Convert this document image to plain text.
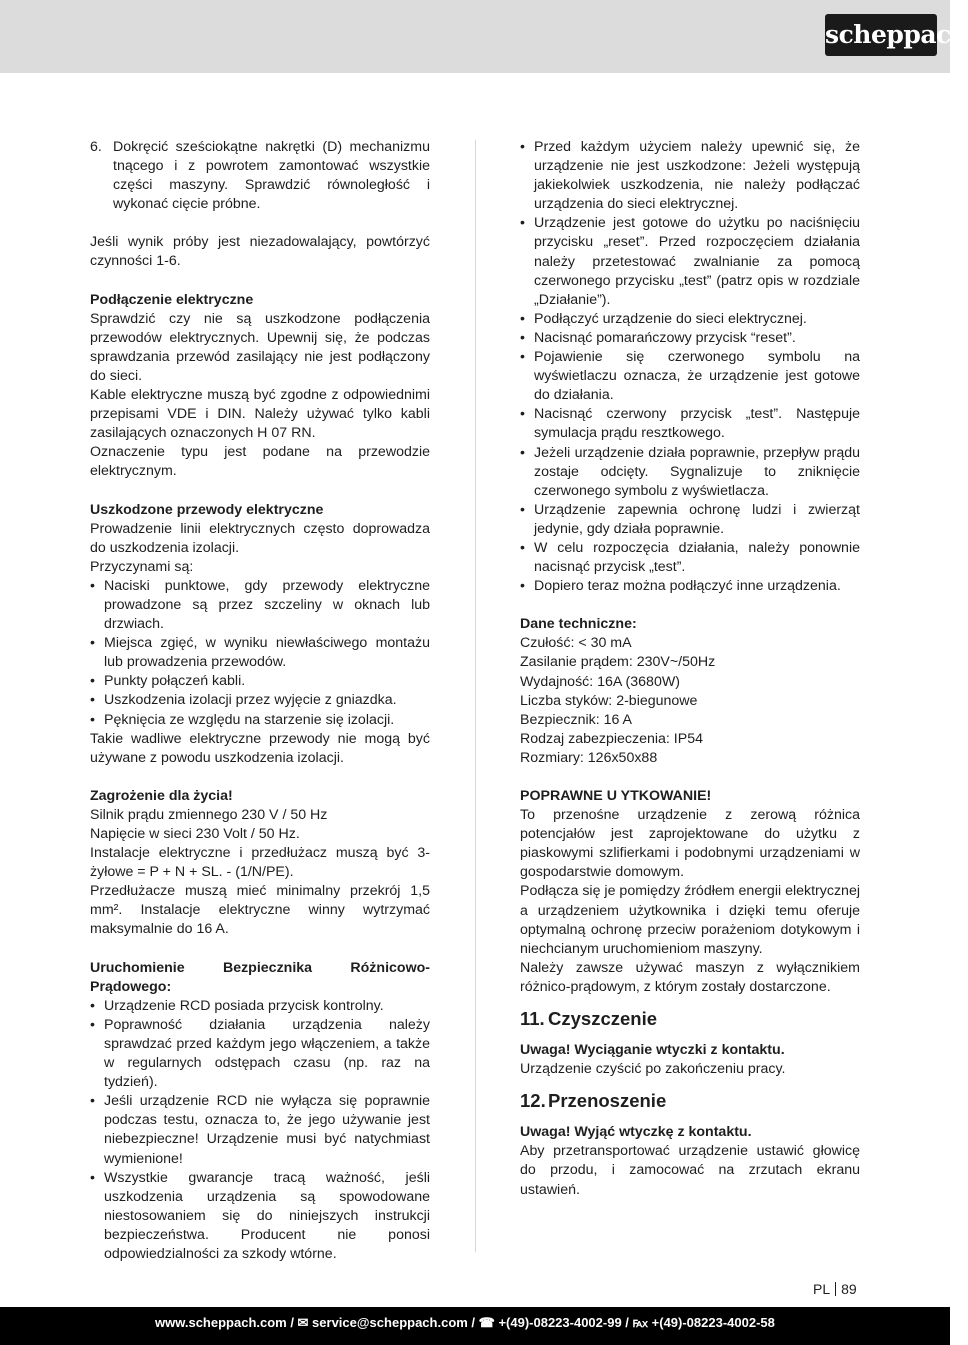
scheppach
6. Dokręcić sześciokątne nakrętki (D) mechanizmu tnącego i z powrotem zamontować wszystkie części maszyny. Sprawdzić równoległość i wykonać cięcie próbne.

Jeśli wynik próby jest niezadowalający, powtórzyć czynności 1-6.

Podłączenie elektryczne

Sprawdzić czy nie są uszkodzone podłączenia przewodów elektrycznych. Upewnij się, że podczas sprawdzania przewód zasilający nie jest podłączony do sieci.

Kable elektryczne muszą być zgodne z odpowiednimi przepisami VDE i DIN. Należy używać tylko kabli zasilających oznaczonych H 07 RN.

Oznaczenie typu jest podane na przewodzie elektrycznym.

Uszkodzone przewody elektryczne

Prowadzenie linii elektrycznych często doprowadza do uszkodzenia izolacji.

Przyczynami są:

• Naciski punktowe, gdy przewody elektryczne prowadzone są przez szczeliny w oknach lub drzwiach.
• Miejsca zgięć, w wyniku niewłaściwego montażu lub prowadzenia przewodów.
• Punkty połączeń kabli.
• Uszkodzenia izolacji przez wyjęcie z gniazdka.
• Pęknięcia ze względu na starzenie się izolacji.

Takie wadliwe elektryczne przewody nie mogą być używane z powodu uszkodzenia izolacji.

Zagrożenie dla życia!

Silnik prądu zmiennego 230 V / 50 Hz

Napięcie w sieci 230 Volt / 50 Hz.

Instalacje elektryczne i przedłużacz muszą być 3-żyłowe = P + N + SL. - (1/N/PE).

Przedłużacze muszą mieć minimalny przekrój 1,5 mm². Instalacje elektryczne winny wytrzymać maksymalnie do 16 A.

Uruchomienie Bezpiecznika Różnicowo-Prądowego:

• Urządzenie RCD posiada przycisk kontrolny.
• Poprawność działania urządzenia należy sprawdzać przed każdym jego włączeniem, a także w regularnych odstępach czasu (np. raz na tydzień).
• Jeśli urządzenie RCD nie wyłącza się poprawnie podczas testu, oznacza to, że jego używanie jest niebezpieczne! Urządzenie musi być natychmiast wymienione!
• Wszystkie gwarancje tracą ważność, jeśli uszkodzenia urządzenia są spowodowane niestosowaniem się do niniejszych instrukcji bezpieczeństwa. Producent nie ponosi odpowiedzialności za szkody wtórne.
• Przed każdym użyciem należy upewnić się, że urządzenie nie jest uszkodzone: Jeżeli występują jakiekolwiek uszkodzenia, nie należy podłączać urządzenia do sieci elektrycznej.
• Urządzenie jest gotowe do użytku po naciśnięciu przycisku „reset”. Przed rozpoczęciem działania należy przetestować zwalnianie za pomocą czerwonego przycisku „test” (patrz opis w rozdziale „Działanie”).
• Podłączyć urządzenie do sieci elektrycznej.
• Nacisnąć pomarańczowy przycisk “reset”.
• Pojawienie się czerwonego symbolu na wyświetlaczu oznacza, że urządzenie jest gotowe do działania.
• Nacisnąć czerwony przycisk „test”. Następuje symulacja prądu resztkowego.
• Jeżeli urządzenie działa poprawnie, przepływ prądu zostaje odcięty. Sygnalizuje to zniknięcie czerwonego symbolu z wyświetlacza.
• Urządzenie zapewnia ochronę ludzi i zwierząt jedynie, gdy działa poprawnie.
• W celu rozpoczęcia działania, należy ponownie nacisnąć przycisk „test”.
• Dopiero teraz można podłączyć inne urządzenia.

Dane techniczne:

Czułość: < 30 mA

Zasilanie prądem: 230V~/50Hz

Wydajność: 16A (3680W)

Liczba styków: 2-biegunowe

Bezpiecznik: 16 A

Rodzaj zabezpieczenia: IP54

Rozmiary: 126x50x88

POPRAWNE U YTKOWANIE!

To przenośne urządzenie z zerową różnica potencjałów jest zaprojektowane do użytku z piaskowymi szlifierkami i podobnymi urządzeniami w gospodarstwie domowym.

Podłącza się je pomiędzy źródłem energii elektrycznej a urządzeniem użytkownika i dzięki temu oferuje optymalną ochronę przeciw porażeniom dotykowym i niechcianym uruchomieniom maszyny.

Należy zawsze używać maszyn z wyłącznikiem różnico-prądowym, z którym zostały dostarczone.

11. Czyszczenie

Uwaga! Wyciąganie wtyczki z kontaktu.

Urządzenie czyścić po zakończeniu pracy.

12. Przenoszenie

Uwaga! Wyjąć wtyczkę z kontaktu.

Aby przetransportować urządzenie ustawić głowicę do przodu, i zamocować na zrzutach ekranu ustawień.

PL 89
www.scheppach.com / ✉ service@scheppach.com / ☎ +(49)-08223-4002-99 / ℻ +(49)-08223-4002-58
